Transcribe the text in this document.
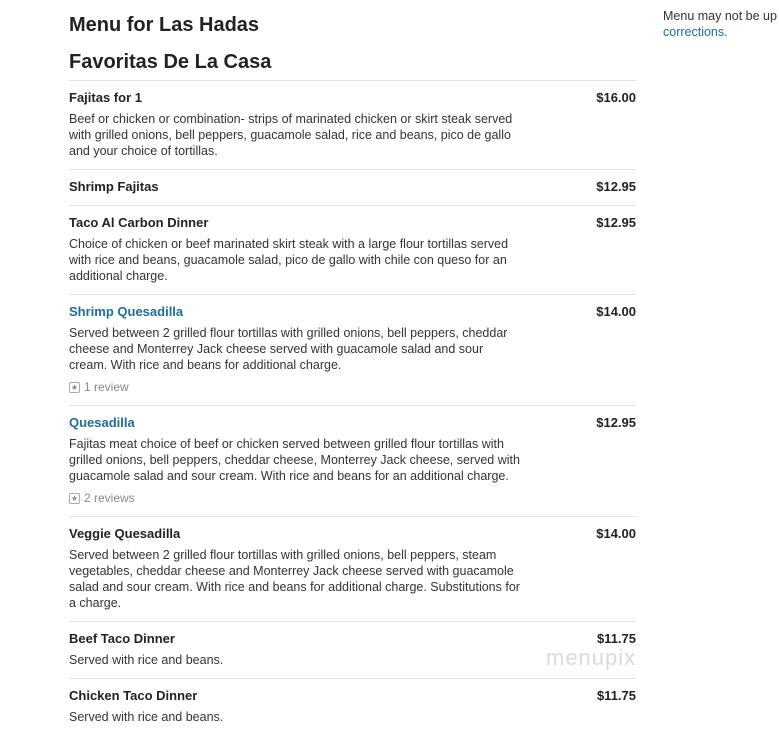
Menu for Las Hadas
Favoritas De La Casa
Fajitas for 1	$16.00
Beef or chicken or combination- strips of marinated chicken or skirt steak served with grilled onions, bell peppers, guacamole salad, rice and beans, pico de gallo and your choice of tortillas.
Shrimp Fajitas	$12.95
Taco Al Carbon Dinner	$12.95
Choice of chicken or beef marinated skirt steak with a large flour tortillas served with rice and beans, guacamole salad, pico de gallo with chile con queso for an additional charge.
Shrimp Quesadilla	$14.00
Served between 2 grilled flour tortillas with grilled onions, bell peppers, cheddar cheese and Monterrey Jack cheese served with guacamole salad and sour cream. With rice and beans for additional charge.
★ 1 review
Quesadilla	$12.95
Fajitas meat choice of beef or chicken served between grilled flour tortillas with grilled onions, bell peppers, cheddar cheese, Monterrey Jack cheese, served with guacamole salad and sour cream. With rice and beans for an additional charge.
★ 2 reviews
Veggie Quesadilla	$14.00
Served between 2 grilled flour tortillas with grilled onions, bell peppers, steam vegetables, cheddar cheese and Monterrey Jack cheese served with guacamole salad and sour cream. With rice and beans for additional charge. Substitutions for a charge.
Beef Taco Dinner	$11.75
Served with rice and beans.
Chicken Taco Dinner	$11.75
Served with rice and beans.
Menu may not be up
corrections.
menupix
